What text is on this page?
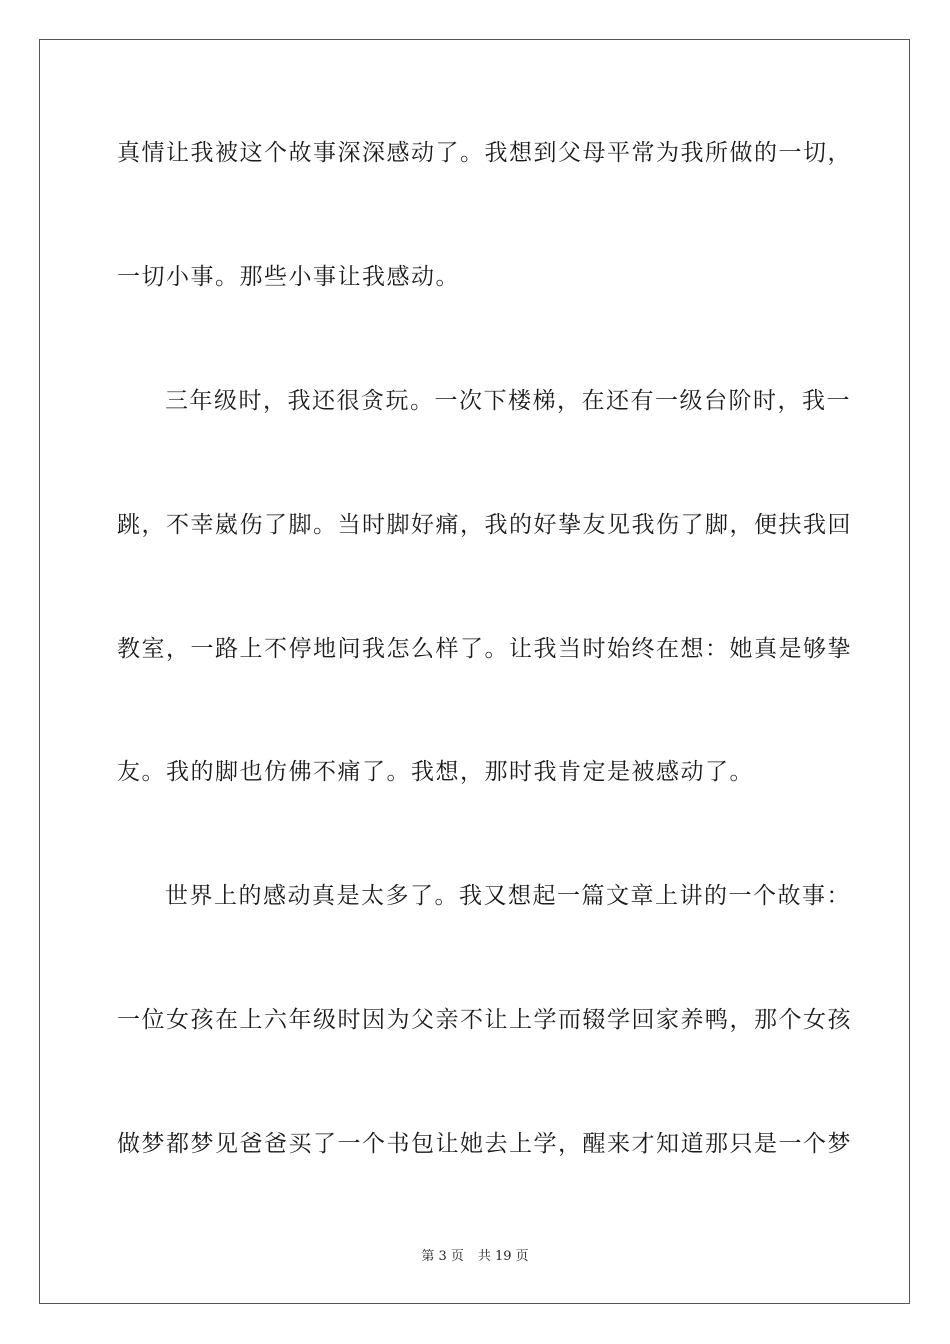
真情让我被这个故事深深感动了。我想到父母平常为我所做的一切，
一切小事。那些小事让我感动。
三年级时，我还很贪玩。一次下楼梯，在还有一级台阶时，我一
跳，不幸崴伤了脚。当时脚好痛，我的好挚友见我伤了脚，便扶我回
教室，一路上不停地问我怎么样了。让我当时始终在想：她真是够挚
友。我的脚也仿佛不痛了。我想，那时我肯定是被感动了。
世界上的感动真是太多了。我又想起一篇文章上讲的一个故事：
一位女孩在上六年级时因为父亲不让上学而辍学回家养鸭，那个女孩
做梦都梦见爸爸买了一个书包让她去上学，醒来才知道那只是一个梦
第 3 页 共 19 页
